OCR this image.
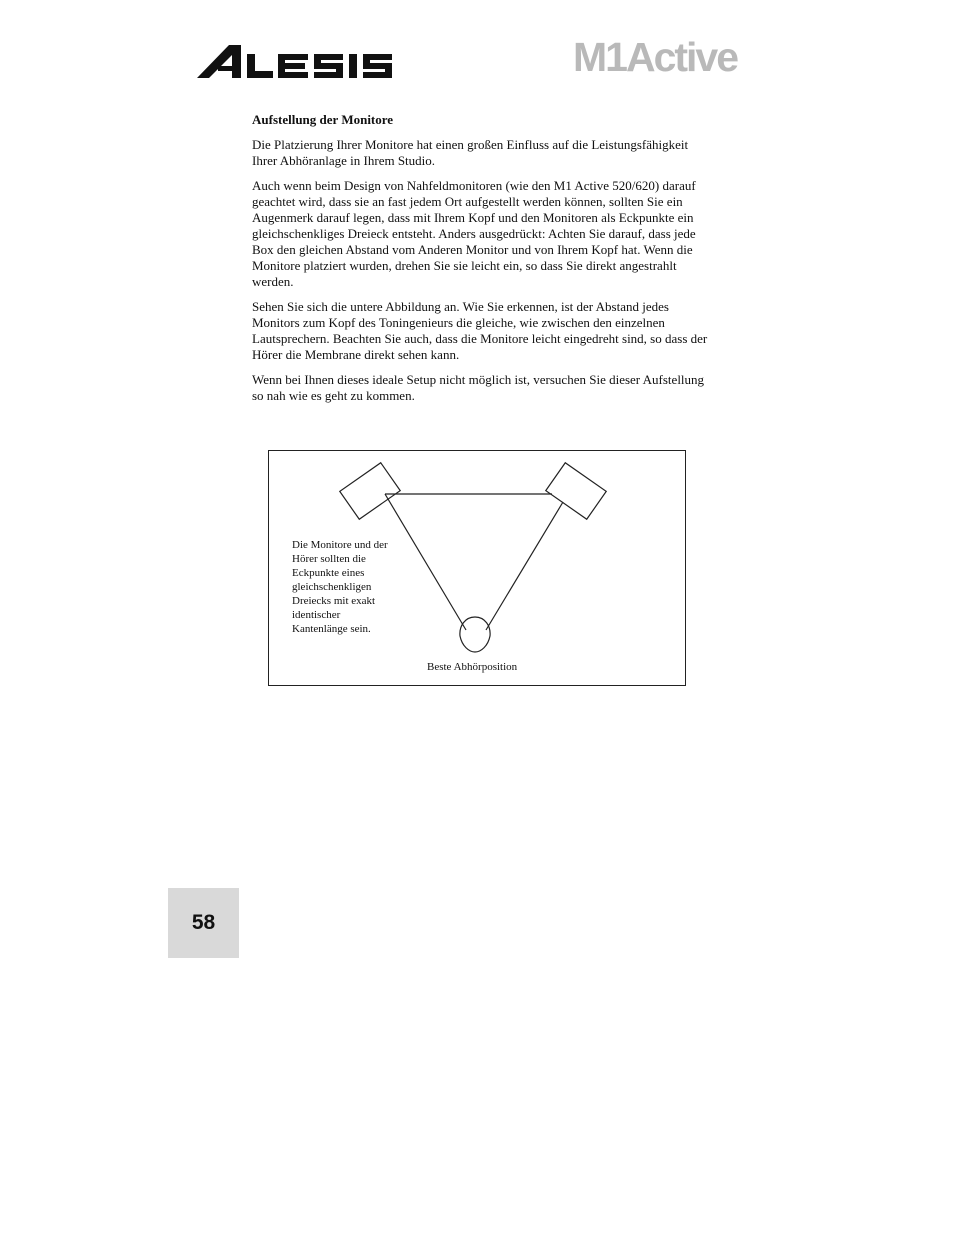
M1Active
Aufstellung der Monitore

Die Platzierung Ihrer Monitore hat einen großen Einfluss auf die Leistungsfähigkeit Ihrer Abhöranlage in Ihrem Studio.

Auch wenn beim Design von Nahfeldmonitoren (wie den M1 Active 520/620) darauf geachtet wird, dass sie an fast jedem Ort aufgestellt werden können, sollten Sie ein Augenmerk darauf legen, dass mit Ihrem Kopf und den Monitoren als Eckpunkte ein gleichschenkliges Dreieck entsteht. Anders ausgedrückt: Achten Sie darauf, dass jede Box den gleichen Abstand vom Anderen Monitor und von Ihrem Kopf hat. Wenn die Monitore platziert wurden, drehen Sie sie leicht ein, so dass Sie direkt angestrahlt werden.

Sehen Sie sich die untere Abbildung an. Wie Sie erkennen, ist der Abstand jedes Monitors zum Kopf des Toningenieurs die gleiche, wie zwischen den einzelnen Lautsprechern. Beachten Sie auch, dass die Monitore leicht eingedreht sind, so dass der Hörer die Membrane direkt sehen kann.

Wenn bei Ihnen dieses ideale Setup nicht möglich ist, versuchen Sie dieser Aufstellung so nah wie es geht zu kommen.

Die Monitore und der Hörer sollten die Eckpunkte eines gleichschenkligen Dreiecks mit exakt identischer Kantenlänge sein.

Beste Abhörposition

58
